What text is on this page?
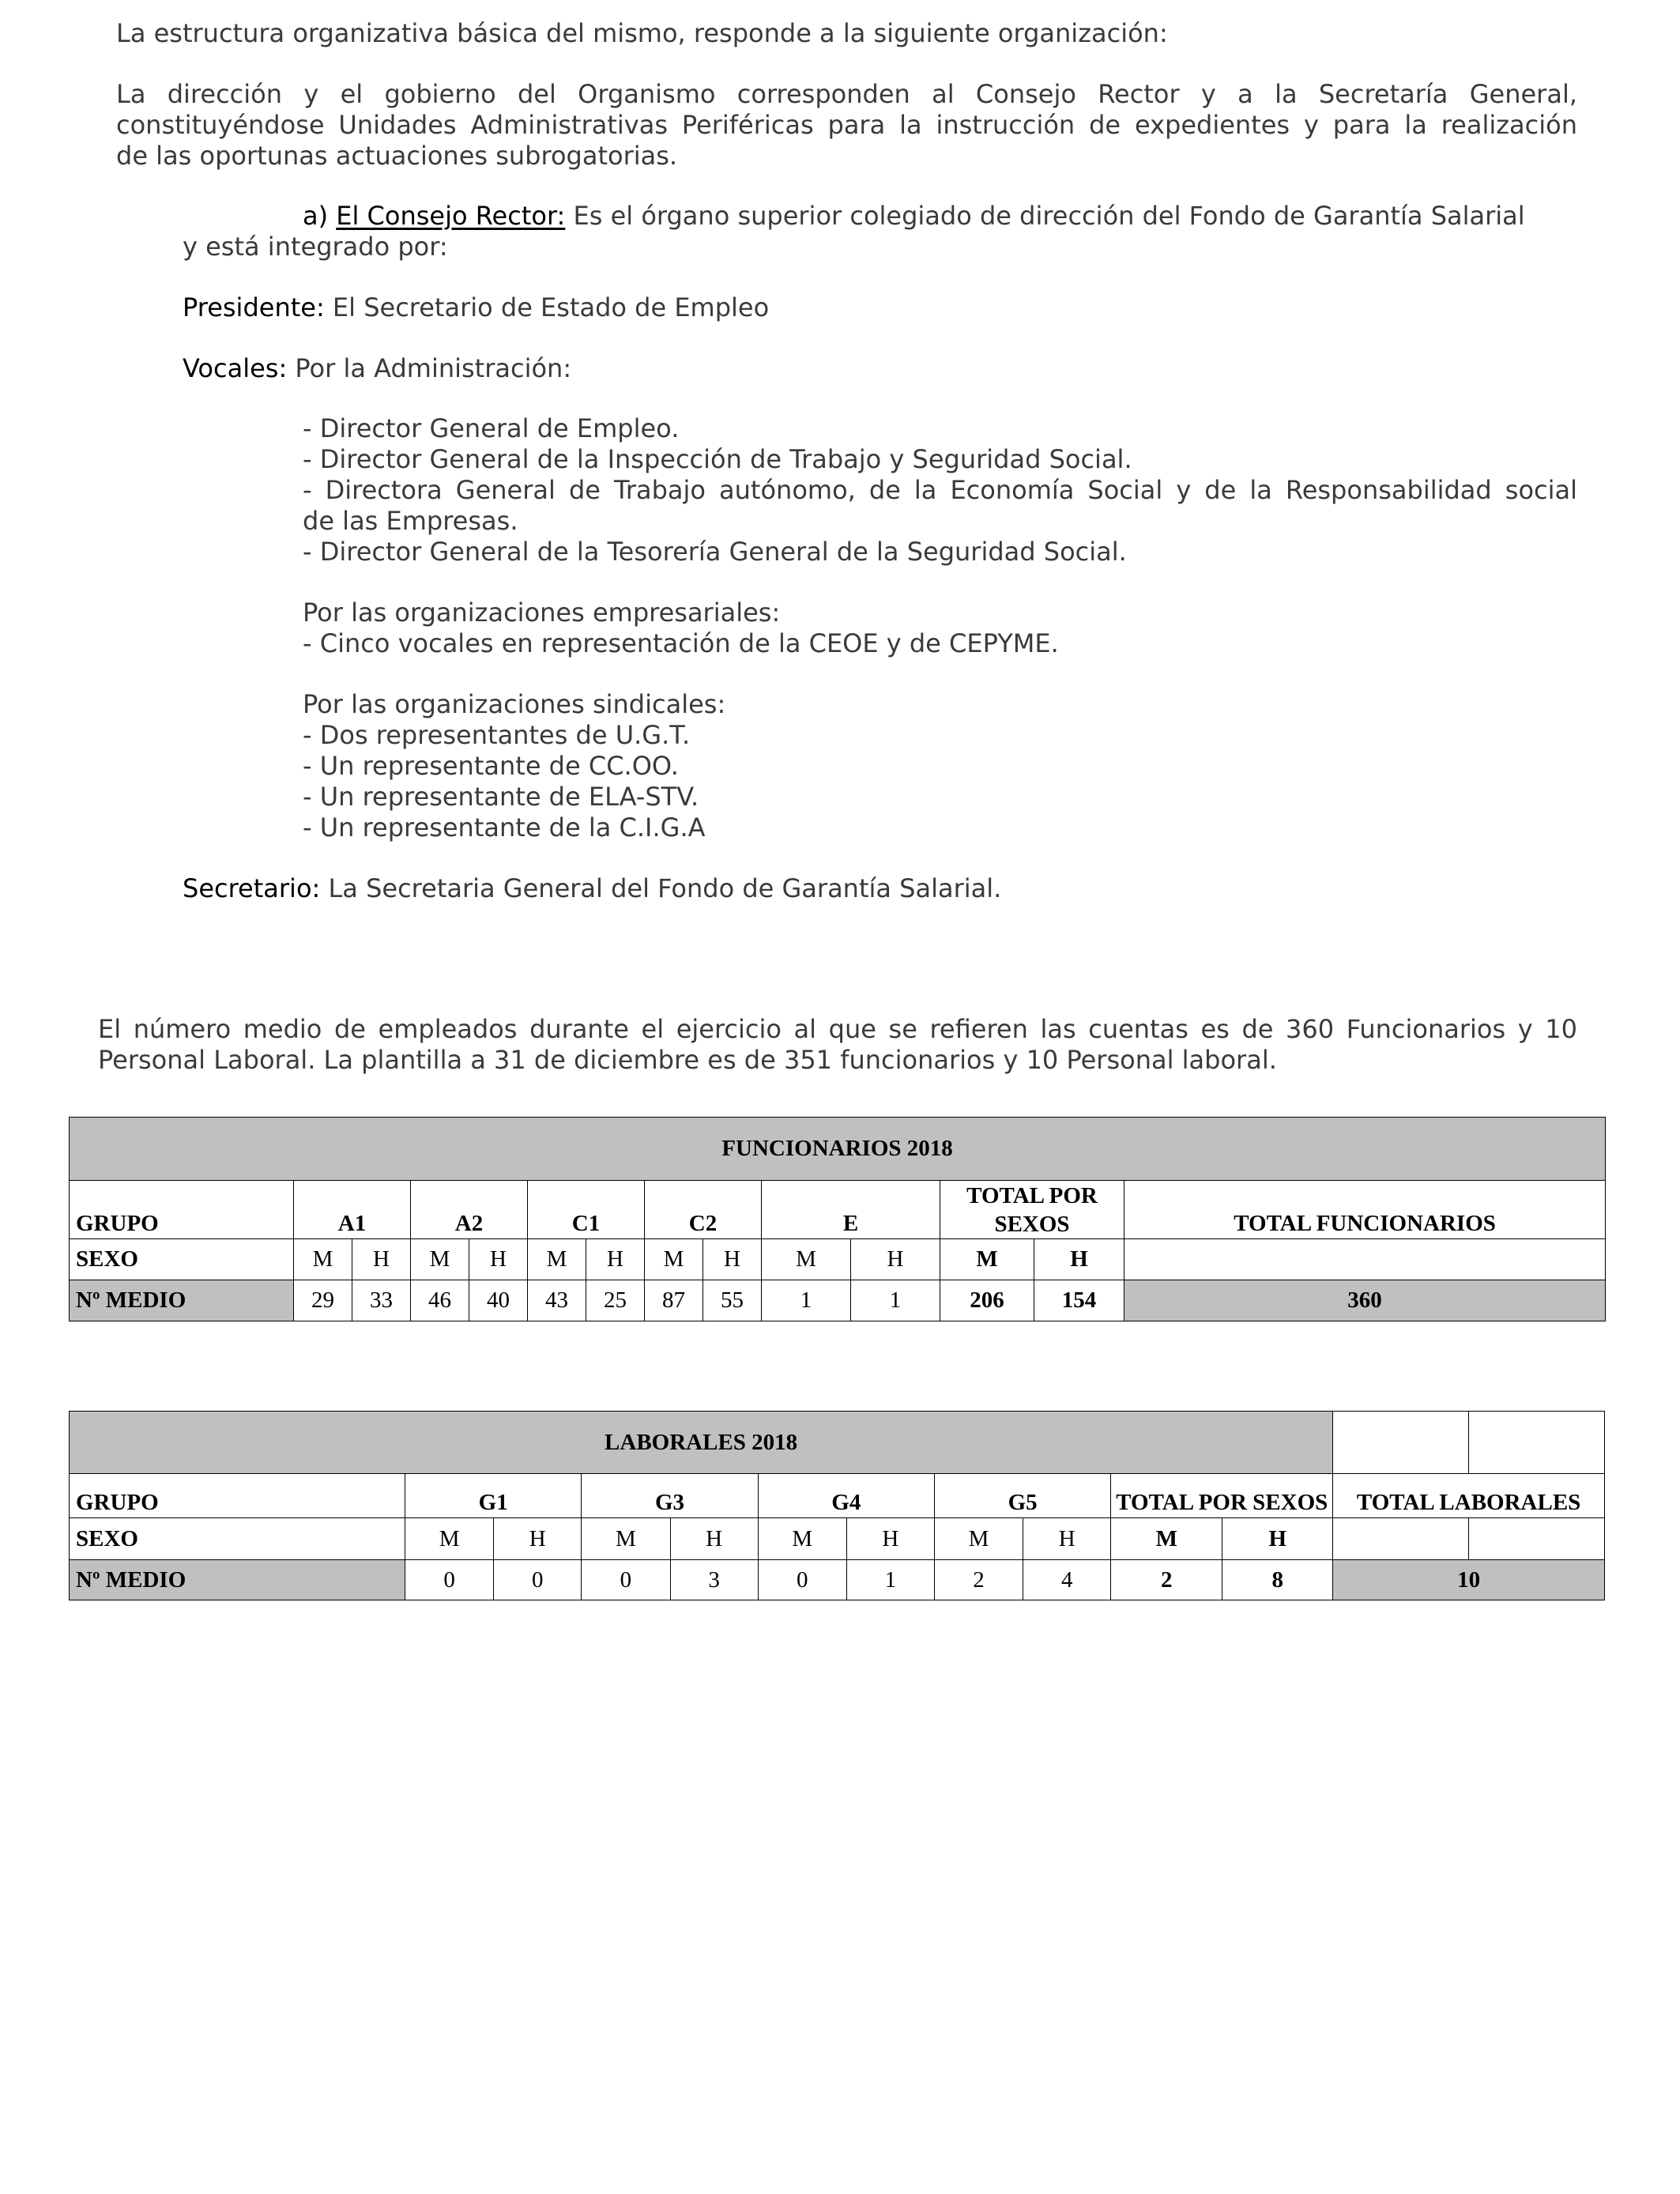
La estructura organizativa básica del mismo, responde a la siguiente organización:
La dirección y el gobierno del Organismo corresponden al Consejo Rector y a la Secretaría General,
constituyéndose Unidades Administrativas Periféricas para la instrucción de expedientes y para la realización
de las oportunas actuaciones subrogatorias.
a) El Consejo Rector: Es el órgano superior colegiado de dirección del Fondo de Garantía Salarial
y está integrado por:
Presidente: El Secretario de Estado de Empleo
Vocales: Por la Administración:
- Director General de Empleo.
- Director General de la Inspección de Trabajo y Seguridad Social.
- Directora General de Trabajo autónomo, de la Economía Social y de la Responsabilidad social
de las Empresas.
- Director General de la Tesorería General de la Seguridad Social.
Por las organizaciones empresariales:
- Cinco vocales en representación de la CEOE y de CEPYME.
Por las organizaciones sindicales:
- Dos representantes de U.G.T.
- Un representante de CC.OO.
- Un representante de ELA-STV.
- Un representante de la C.I.G.A
Secretario: La Secretaria General del Fondo de Garantía Salarial.
El número medio de empleados durante el ejercicio al que se refieren las cuentas es de 360 Funcionarios y 10
Personal Laboral. La plantilla a 31 de diciembre es de 351 funcionarios y 10 Personal laboral.
FUNCIONARIOS 2018													
GRUPO	A1		A2		C1		C2		E		TOTAL POR SEXOS		TOTAL FUNCIONARIOS
SEXO	M	H	M	H	M	H	M	H	M	H	M	H	
Nº MEDIO	29	33	46	40	43	25	87	55	1	1	206	154	360
LABORALES 2018												
GRUPO	G1		G3		G4		G5		TOTAL POR SEXOS		TOTAL LABORALES	
SEXO	M	H	M	H	M	H	M	H	M	H		
Nº MEDIO	0	0	0	3	0	1	2	4	2	8	10	
